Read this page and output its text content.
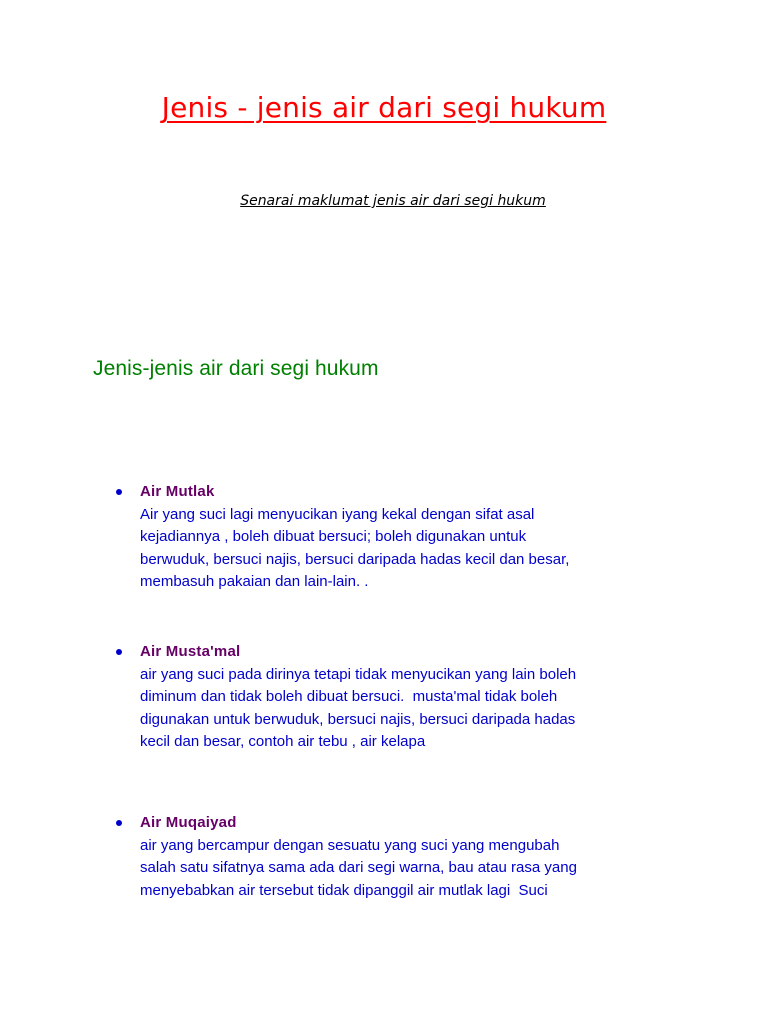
Jenis - jenis air dari segi hukum

Senarai maklumat jenis air dari segi hukum

Jenis-jenis air dari segi hukum
Air Mutlak

Air yang suci lagi menyucikan iyang kekal dengan sifat asal
kejadiannya , boleh dibuat bersuci; boleh digunakan untuk
berwuduk, bersuci najis, bersuci daripada hadas kecil dan besar,
membasuh pakaian dan lain-lain. .

Air Musta'mal

air yang suci pada dirinya tetapi tidak menyucikan yang lain boleh
diminum dan tidak boleh dibuat bersuci.  musta'mal tidak boleh
digunakan untuk berwuduk, bersuci najis, bersuci daripada hadas
kecil dan besar, contoh air tebu , air kelapa

Air Muqaiyad

air yang bercampur dengan sesuatu yang suci yang mengubah
salah satu sifatnya sama ada dari segi warna, bau atau rasa yang
menyebabkan air tersebut tidak dipanggil air mutlak lagi  Suci
